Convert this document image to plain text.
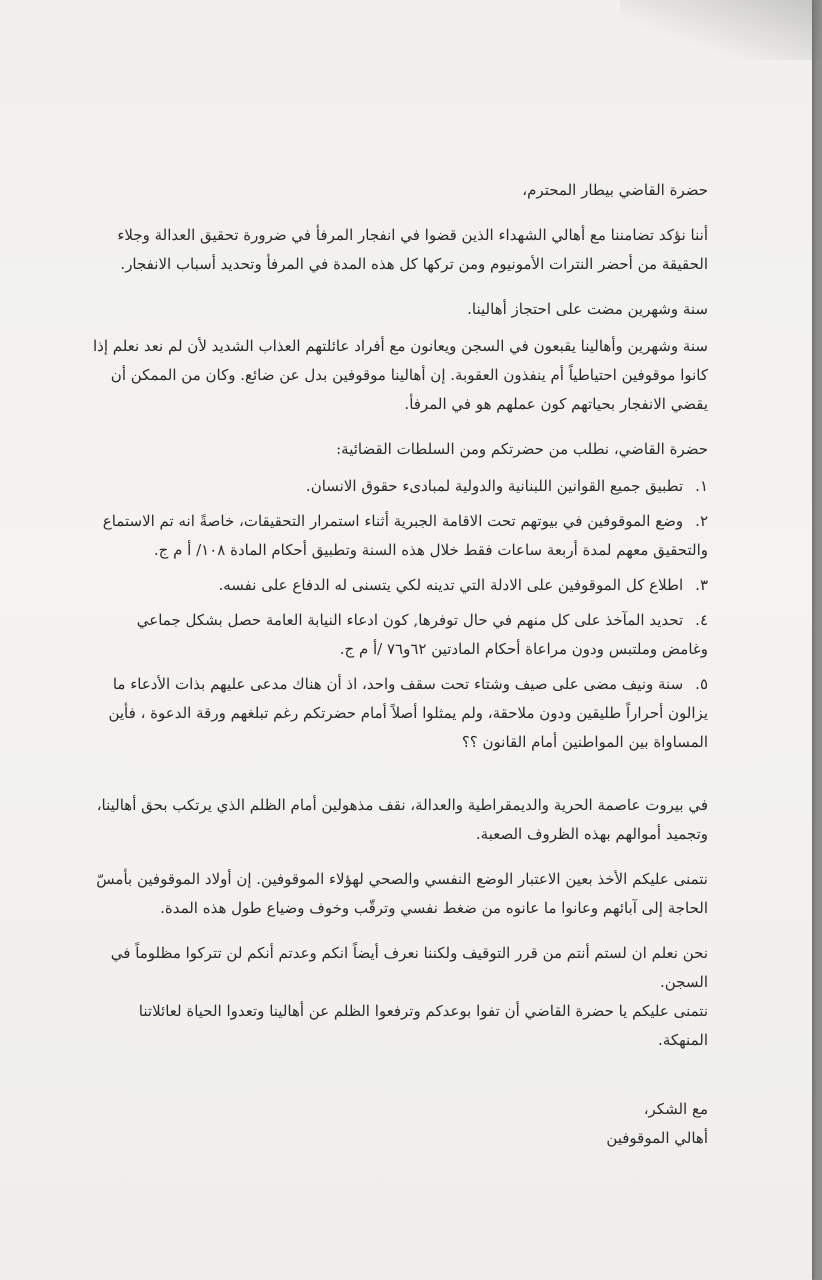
حضرة القاضي بيطار المحترم،

أننا نؤكد تضامننا مع أهالي الشهداء الذين قضوا في انفجار المرفأ في ضرورة تحقيق العدالة وجلاء الحقيقة من أحضر النترات الأمونيوم ومن تركها كل هذه المدة في المرفأ وتحديد أسباب الانفجار.

سنة وشهرين مضت على احتجاز أهالينا.

سنة وشهرين وأهالينا يقبعون في السجن ويعانون مع أفراد عائلتهم العذاب الشديد لأن لم نعد نعلم إذا كانوا موقوفين احتياطياً أم ينفذون العقوبة. إن أهالينا موقوفين بدل عن ضائع. وكان من الممكن أن يقضي الانفجار بحياتهم كون عملهم هو في المرفأ.

حضرة القاضي، نطلب من حضرتكم ومن السلطات القضائية:

١.تطبيق جميع القوانين اللبنانية والدولية لمبادىء حقوق الانسان.
٢.وضع الموقوفين في بيوتهم تحت الاقامة الجبرية أثناء استمرار التحقيقات، خاصةً انه تم الاستماع والتحقيق معهم لمدة أربعة ساعات فقط خلال هذه السنة وتطبيق أحكام المادة ١٠٨/ أ م ج.
٣.اطلاع كل الموقوفين على الادلة التي تدينه لكي يتسنى له الدفاع على نفسه.
٤.تحديد المآخذ على كل منهم في حال توفرها, كون ادعاء النيابة العامة حصل بشكل جماعي وغامض وملتبس ودون مراعاة أحكام المادتين ٦٢و٧٦ /أ م ج.
٥.سنة ونيف مضى على صيف وشتاء تحت سقف واحد، اذ أن هناك مدعى عليهم بذات الأدعاء ما يزالون أحراراً طليقين ودون ملاحقة، ولم يمثلوا أصلاً أمام حضرتكم رغم تبلغهم ورقة الدعوة ، فأين المساواة بين المواطنين أمام القانون ؟؟

في بيروت عاصمة الحرية والديمقراطية والعدالة، نقف مذهولين أمام الظلم الذي يرتكب بحق أهالينا، وتجميد أموالهم بهذه الظروف الصعبة.

نتمنى عليكم الأخذ بعين الاعتبار الوضع النفسي والصحي لهؤلاء الموقوفين. إن أولاد الموقوفين بأمسّ الحاجة إلى آبائهم وعانوا ما عانوه من ضغط نفسي وترقّب وخوف وضياع طول هذه المدة.

نحن نعلم ان لستم أنتم من قرر التوقيف ولكننا نعرف أيضاً انكم وعدتم أنكم لن تتركوا مظلوماً في السجن.

نتمنى عليكم يا حضرة القاضي أن تفوا بوعدكم وترفعوا الظلم عن أهالينا وتعدوا الحياة لعائلاتنا المنهكة.

مع الشكر،

أهالي الموقوفين
